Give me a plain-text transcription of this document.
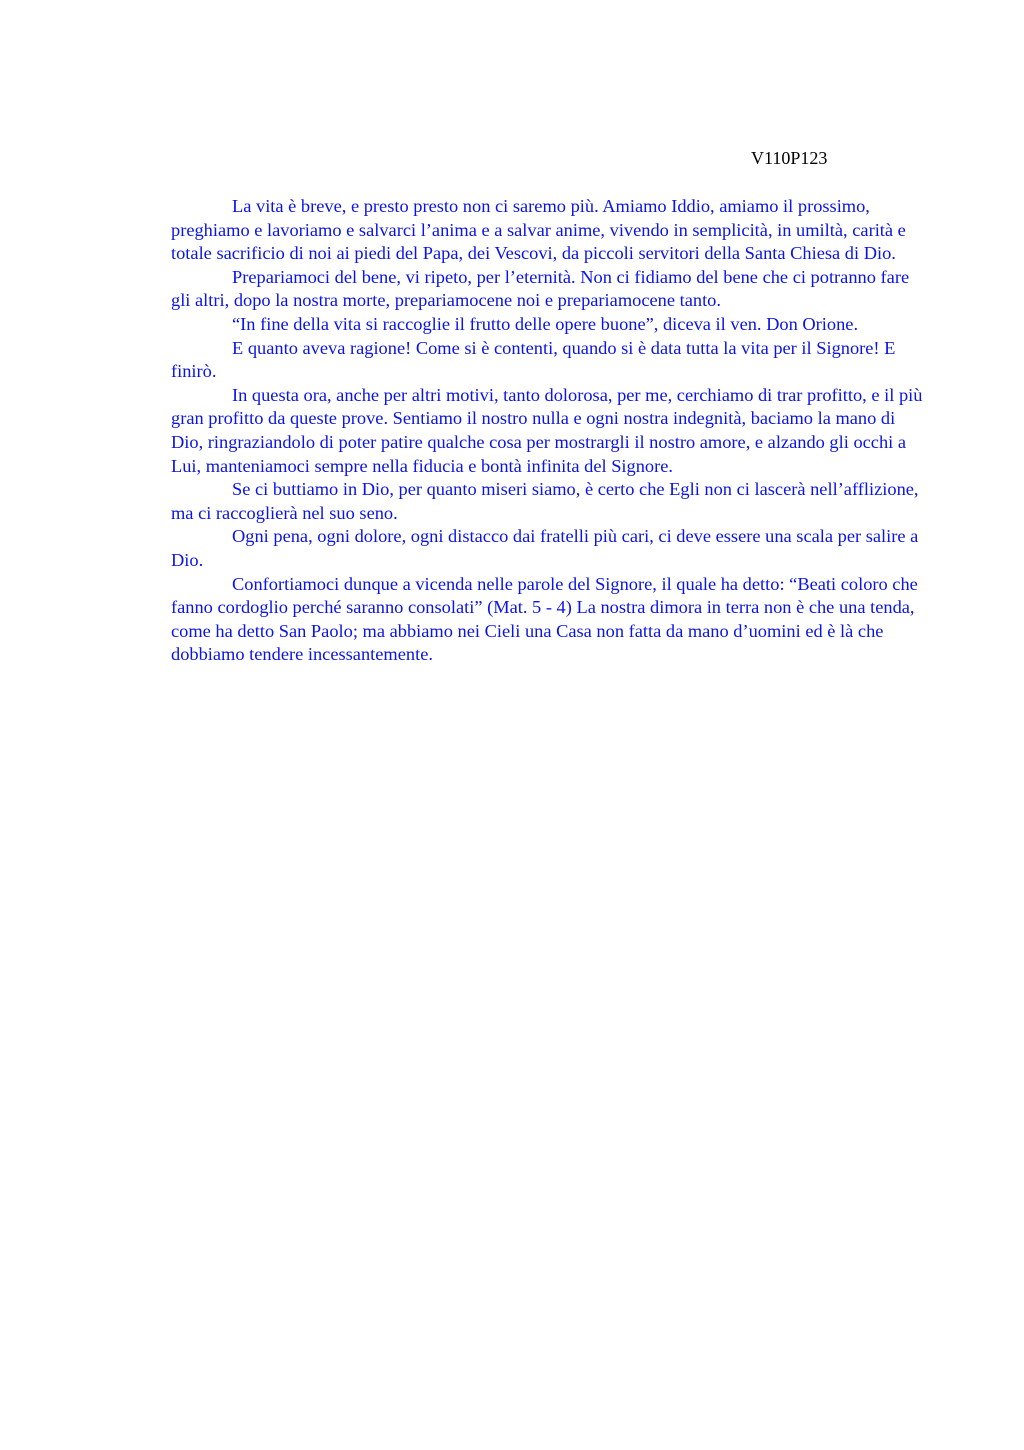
V110P123

La vita è breve, e presto presto non ci saremo più. Amiamo Iddio, amiamo il prossimo, preghiamo e lavoriamo e salvarci l’anima e a salvar anime, vivendo in semplicità, in umiltà, carità e totale sacrificio di noi ai piedi del Papa, dei Vescovi, da piccoli servitori della Santa Chiesa di Dio.

Prepariamoci del bene, vi ripeto, per l’eternità. Non ci fidiamo del bene che ci potranno fare gli altri, dopo la nostra morte, prepariamocene noi e prepariamocene tanto.

“In fine della vita si raccoglie il frutto delle opere buone”, diceva il ven. Don Orione.

E quanto aveva ragione! Come si è contenti, quando si è data tutta la vita per il Signore! E finirò.

In questa ora, anche per altri motivi, tanto dolorosa, per me, cerchiamo di trar profitto, e il più gran profitto da queste prove. Sentiamo il nostro nulla e ogni nostra indegnità, baciamo la mano di Dio, ringraziandolo di poter patire qualche cosa per mostrargli il nostro amore, e alzando gli occhi a Lui, manteniamoci sempre nella fiducia e bontà infinita del Signore.

Se ci buttiamo in Dio, per quanto miseri siamo, è certo che Egli non ci lascerà nell’afflizione, ma ci raccoglierà nel suo seno.

Ogni pena, ogni dolore, ogni distacco dai fratelli più cari, ci deve essere una scala per salire a Dio.

Confortiamoci dunque a vicenda nelle parole del Signore, il quale ha detto: “Beati coloro che fanno cordoglio perché saranno consolati” (Mat. 5 - 4) La nostra dimora in terra non è che una tenda, come ha detto San Paolo; ma abbiamo nei Cieli una Casa non fatta da mano d’uomini ed è là che dobbiamo tendere incessantemente.
